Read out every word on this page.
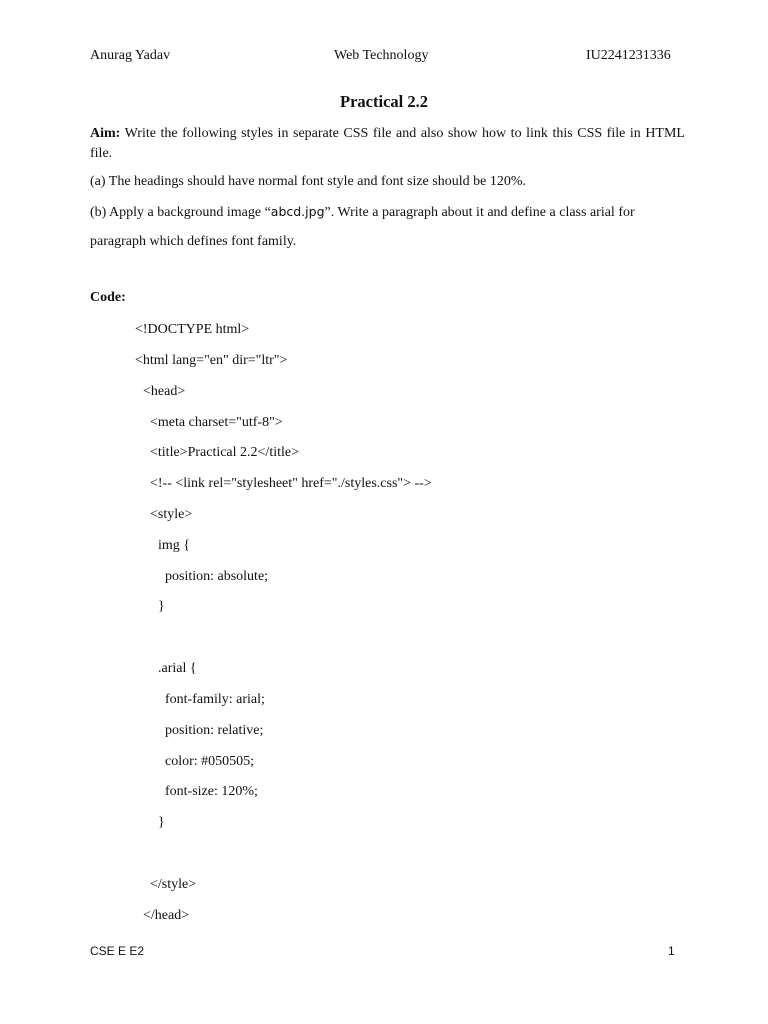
Anurag Yadav	Web Technology	IU2241231336
Practical 2.2
Aim: Write the following styles in separate CSS file and also show how to link this CSS file in HTML file.
(a) The headings should have normal font style and font size should be 120%.
(b) Apply a background image “abcd.jpg”. Write a paragraph about it and define a class arial for
paragraph which defines font family.
Code:
<!DOCTYPE html>
<html lang="en" dir="ltr">
<head>
<meta charset="utf-8">
<title>Practical 2.2</title>
<!-- <link rel="stylesheet" href="./styles.css"> -->
<style>
img {
position: absolute;
}
.arial {
font-family: arial;
position: relative;
color: #050505;
font-size: 120%;
}
</style>
</head>
CSE E E2	1
